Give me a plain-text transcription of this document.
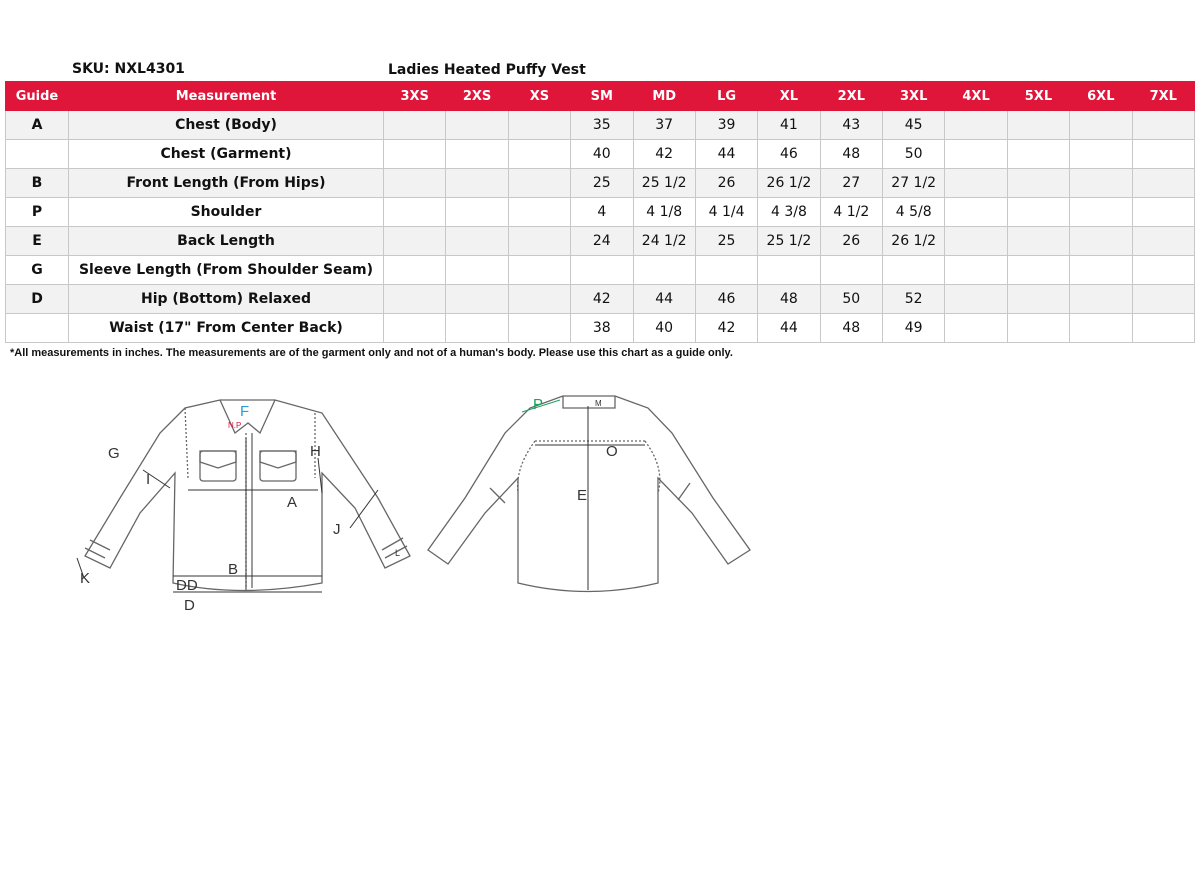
SKU: NXL4301	Ladies Heated Puffy Vest
Guide	Measurement	3XS	2XS	XS	SM	MD	LG	XL	2XL	3XL	4XL	5XL	6XL	7XL
A	Chest (Body)				35	37	39	41	43	45				
	Chest (Garment)				40	42	44	46	48	50				
B	Front Length (From Hips)				25	25 1/2	26	26 1/2	27	27 1/2				
P	Shoulder				4	4 1/8	4 1/4	4 3/8	4 1/2	4 5/8				
E	Back Length				24	24 1/2	25	25 1/2	26	26 1/2				
G	Sleeve Length (From Shoulder Seam)													
D	Hip (Bottom) Relaxed				42	44	46	48	50	52				
	Waist (17" From Center Back)				38	40	42	44	48	49				
*All measurements in inches. The measurements are of the garment only and not of a human's body. Please use this chart as a guide only.
F
N.P
G	H
I
A
J
K
L
B
DD
D
P	M
O
E
